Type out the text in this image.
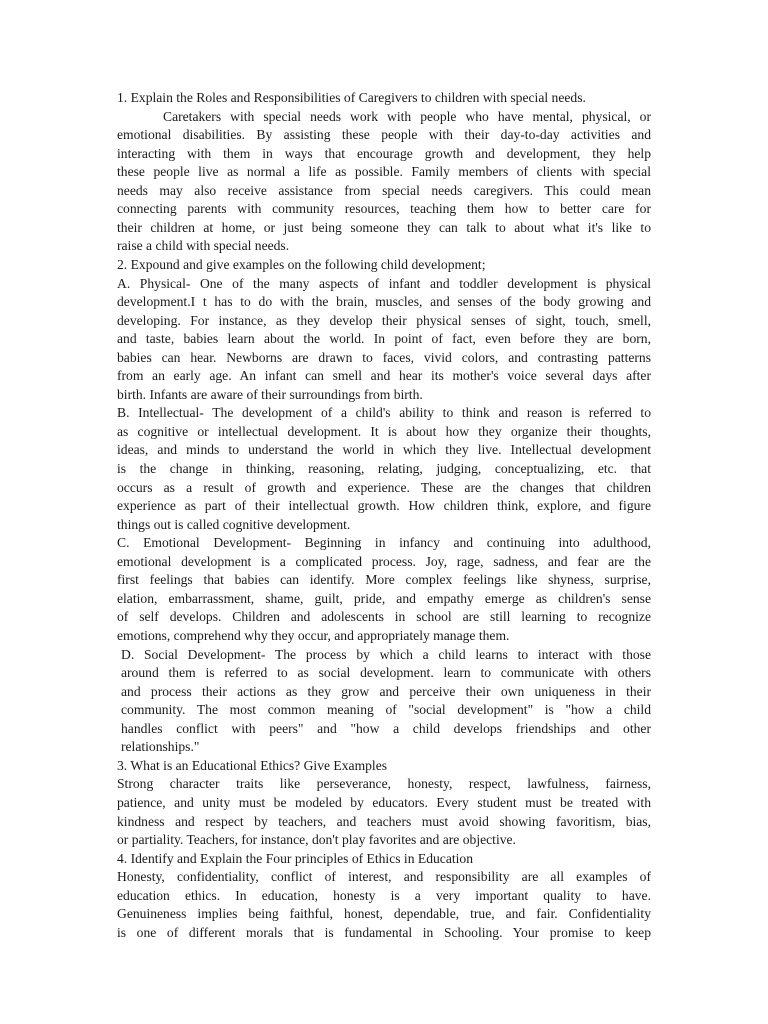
1. Explain the Roles and Responsibilities of Caregivers to children with special needs.
Caretakers with special needs work with people who have mental, physical, or
emotional disabilities. By assisting these people with their day-to-day activities and
interacting with them in ways that encourage growth and development, they help
these people live as normal a life as possible. Family members of clients with special
needs may also receive assistance from special needs caregivers. This could mean
connecting parents with community resources, teaching them how to better care for
their children at home, or just being someone they can talk to about what it's like to
raise a child with special needs.
2. Expound and give examples on the following child development;
A. Physical- One of the many aspects of infant and toddler development is physical
development.I t has to do with the brain, muscles, and senses of the body growing and
developing. For instance, as they develop their physical senses of sight, touch, smell,
and taste, babies learn about the world. In point of fact, even before they are born,
babies can hear. Newborns are drawn to faces, vivid colors, and contrasting patterns
from an early age. An infant can smell and hear its mother's voice several days after
birth. Infants are aware of their surroundings from birth.
B. Intellectual- The development of a child's ability to think and reason is referred to
as cognitive or intellectual development. It is about how they organize their thoughts,
ideas, and minds to understand the world in which they live. Intellectual development
is the change in thinking, reasoning, relating, judging, conceptualizing, etc. that
occurs as a result of growth and experience. These are the changes that children
experience as part of their intellectual growth. How children think, explore, and figure
things out is called cognitive development.
C. Emotional Development- Beginning in infancy and continuing into adulthood,
emotional development is a complicated process. Joy, rage, sadness, and fear are the
first feelings that babies can identify. More complex feelings like shyness, surprise,
elation, embarrassment, shame, guilt, pride, and empathy emerge as children's sense
of self develops. Children and adolescents in school are still learning to recognize
emotions, comprehend why they occur, and appropriately manage them.
D. Social Development- The process by which a child learns to interact with those
around them is referred to as social development. learn to communicate with others
and process their actions as they grow and perceive their own uniqueness in their
community. The most common meaning of "social development" is "how a child
handles conflict with peers" and "how a child develops friendships and other
relationships."
3. What is an Educational Ethics? Give Examples
Strong character traits like perseverance, honesty, respect, lawfulness, fairness,
patience, and unity must be modeled by educators. Every student must be treated with
kindness and respect by teachers, and teachers must avoid showing favoritism, bias,
or partiality. Teachers, for instance, don't play favorites and are objective.
4. Identify and Explain the Four principles of Ethics in Education
Honesty, confidentiality, conflict of interest, and responsibility are all examples of
education ethics. In education, honesty is a very important quality to have.
Genuineness implies being faithful, honest, dependable, true, and fair. Confidentiality
is one of different morals that is fundamental in Schooling. Your promise to keep
